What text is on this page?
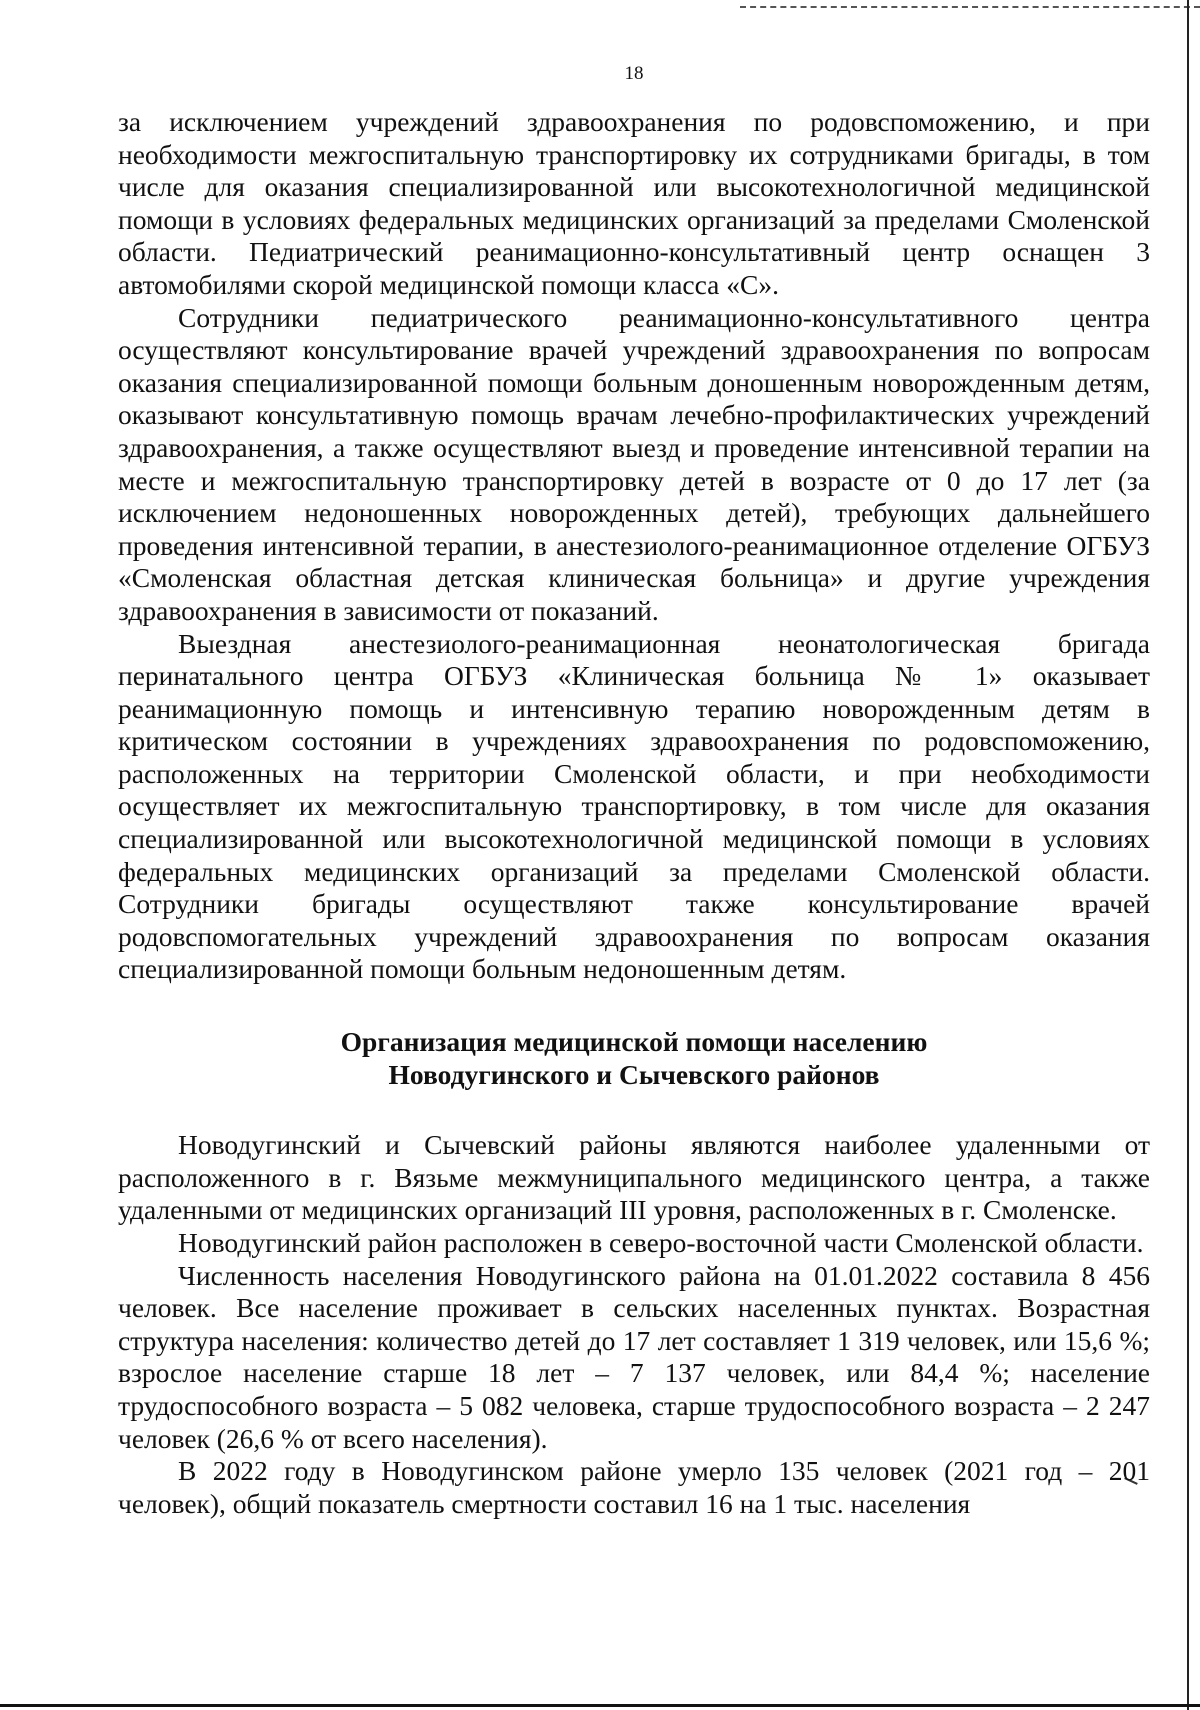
18

за исключением учреждений здравоохранения по родовспоможению, и при необходимости межгоспитальную транспортировку их сотрудниками бригады, в том числе для оказания специализированной или высокотехнологичной медицинской помощи в условиях федеральных медицинских организаций за пределами Смоленской области. Педиатрический реанимационно-консультативный центр оснащен 3 автомобилями скорой медицинской помощи класса «С».

Сотрудники педиатрического реанимационно-консультативного центра осуществляют консультирование врачей учреждений здравоохранения по вопросам оказания специализированной помощи больным доношенным новорожденным детям, оказывают консультативную помощь врачам лечебно-профилактических учреждений здравоохранения, а также осуществляют выезд и проведение интенсивной терапии на месте и межгоспитальную транспортировку детей в возрасте от 0 до 17 лет (за исключением недоношенных новорожденных детей), требующих дальнейшего проведения интенсивной терапии, в анестезиолого-реанимационное отделение ОГБУЗ «Смоленская областная детская клиническая больница» и другие учреждения здравоохранения в зависимости от показаний.

Выездная анестезиолого-реанимационная неонатологическая бригада перинатального центра ОГБУЗ «Клиническая больница № 1» оказывает реанимационную помощь и интенсивную терапию новорожденным детям в критическом состоянии в учреждениях здравоохранения по родовспоможению, расположенных на территории Смоленской области, и при необходимости осуществляет их межгоспитальную транспортировку, в том числе для оказания специализированной или высокотехнологичной медицинской помощи в условиях федеральных медицинских организаций за пределами Смоленской области. Сотрудники бригады осуществляют также консультирование врачей родовспомогательных учреждений здравоохранения по вопросам оказания специализированной помощи больным недоношенным детям.

Организация медицинской помощи населению
Новодугинского и Сычевского районов

Новодугинский и Сычевский районы являются наиболее удаленными от расположенного в г. Вязьме межмуниципального медицинского центра, а также удаленными от медицинских организаций III уровня, расположенных в г. Смоленске.

Новодугинский район расположен в северо-восточной части Смоленской области.

Численность населения Новодугинского района на 01.01.2022 составила 8 456 человек. Все население проживает в сельских населенных пунктах. Возрастная структура населения: количество детей до 17 лет составляет 1 319 человек, или 15,6 %; взрослое население старше 18 лет – 7 137 человек, или 84,4 %; население трудоспособного возраста – 5 082 человека, старше трудоспособного возраста – 2 247 человек (26,6 % от всего населения).

В 2022 году в Новодугинском районе умерло 135 человек (2021 год – 201 человек), общий показатель смертности составил 16 на 1 тыс. населения
